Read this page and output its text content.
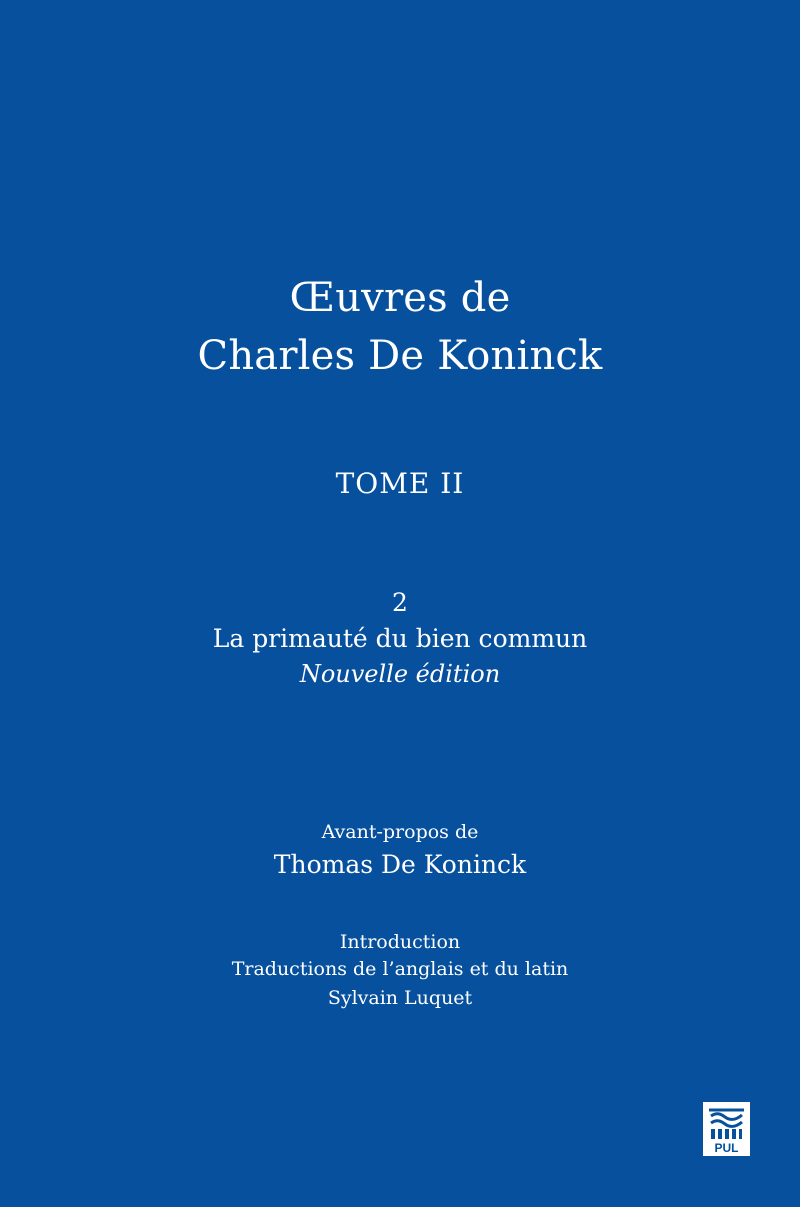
Œuvres de
Charles De Koninck
TOME II
2
La primauté du bien commun
Nouvelle édition
Avant-propos de
Thomas De Koninck
Introduction
Traductions de l’anglais et du latin
Sylvain Luquet
PUL
